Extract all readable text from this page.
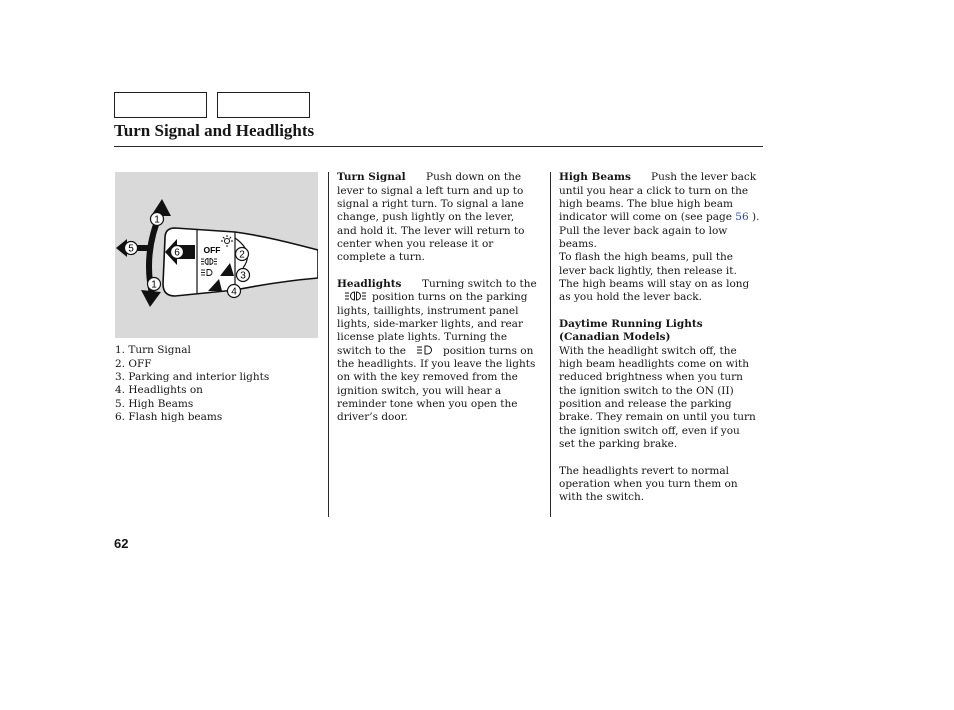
Turn Signal and Headlights
OFF
1
1
5	6	2
3
4
1. Turn Signal
2. OFF
3. Parking and interior lights
4. Headlights on
5. High Beams
6. Flash high beams
Turn Signal Push down on the
lever to signal a left turn and up to
signal a right turn. To signal a lane
change, push lightly on the lever,
and hold it. The lever will return to
center when you release it or
complete a turn.
Headlights Turning switch to the
position turns on the parking
lights, taillights, instrument panel
lights, side-marker lights, and rear
license plate lights. Turning the
switch to the	position turns on
the headlights. If you leave the lights
on with the key removed from the
ignition switch, you will hear a
reminder tone when you open the
driver’s door.
High Beams Push the lever back
until you hear a click to turn on the
high beams. The blue high beam
indicator will come on (see page 56 ).
Pull the lever back again to low
beams.
To flash the high beams, pull the
lever back lightly, then release it.
The high beams will stay on as long
as you hold the lever back.
Daytime Running Lights
(Canadian Models)
With the headlight switch off, the
high beam headlights come on with
reduced brightness when you turn
the ignition switch to the ON (II)
position and release the parking
brake. They remain on until you turn
the ignition switch off, even if you
set the parking brake.
The headlights revert to normal
operation when you turn them on
with the switch.
62
